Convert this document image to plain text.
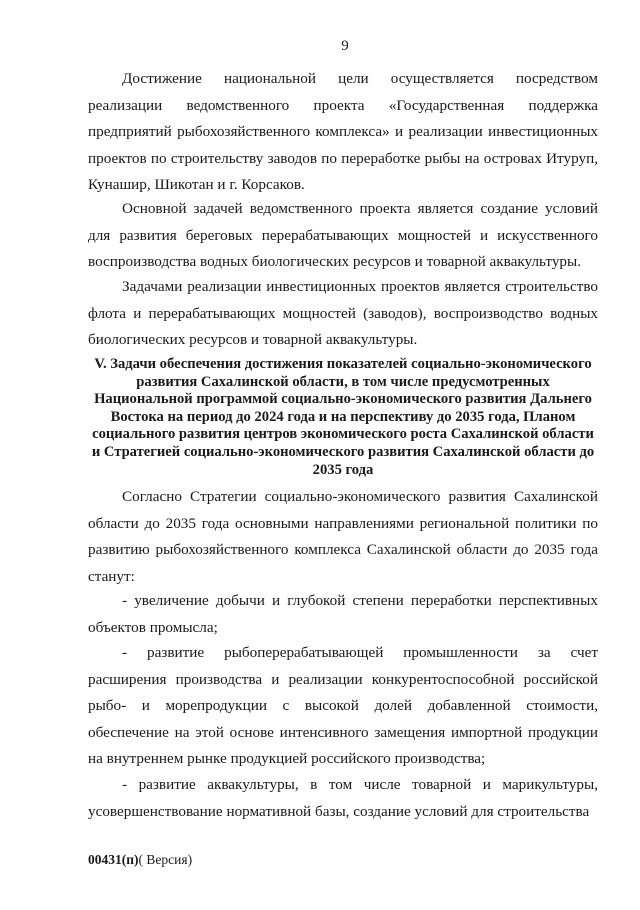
9

Достижение национальной цели осуществляется посредством реализации ведомственного проекта «Государственная поддержка предприятий рыбохозяйственного комплекса» и реализации инвестиционных проектов по строительству заводов по переработке рыбы на островах Итуруп, Кунашир, Шикотан и г. Корсаков.

Основной задачей ведомственного проекта является создание условий для развития береговых перерабатывающих мощностей и искусственного воспроизводства водных биологических ресурсов и товарной аквакультуры.

Задачами реализации инвестиционных проектов является строительство флота и перерабатывающих мощностей (заводов), воспроизводство водных биологических ресурсов и товарной аквакультуры.

V. Задачи обеспечения достижения показателей социально-экономического развития Сахалинской области, в том числе предусмотренных Национальной программой социально-экономического развития Дальнего Востока на период до 2024 года и на перспективу до 2035 года, Планом социального развития центров экономического роста Сахалинской области и Стратегией социально-экономического развития Сахалинской области до 2035 года

Согласно Стратегии социально-экономического развития Сахалинской области до 2035 года основными направлениями региональной политики по развитию рыбохозяйственного комплекса Сахалинской области до 2035 года станут:

- увеличение добычи и глубокой степени переработки перспективных объектов промысла;

- развитие рыбоперерабатывающей промышленности за счет расширения производства и реализации конкурентоспособной российской рыбо- и морепродукции с высокой долей добавленной стоимости, обеспечение на этой основе интенсивного замещения импортной продукции на внутреннем рынке продукцией российского производства;

- развитие аквакультуры, в том числе товарной и марикультуры, усовершенствование нормативной базы, создание условий для строительства

00431(п)( Версия)
